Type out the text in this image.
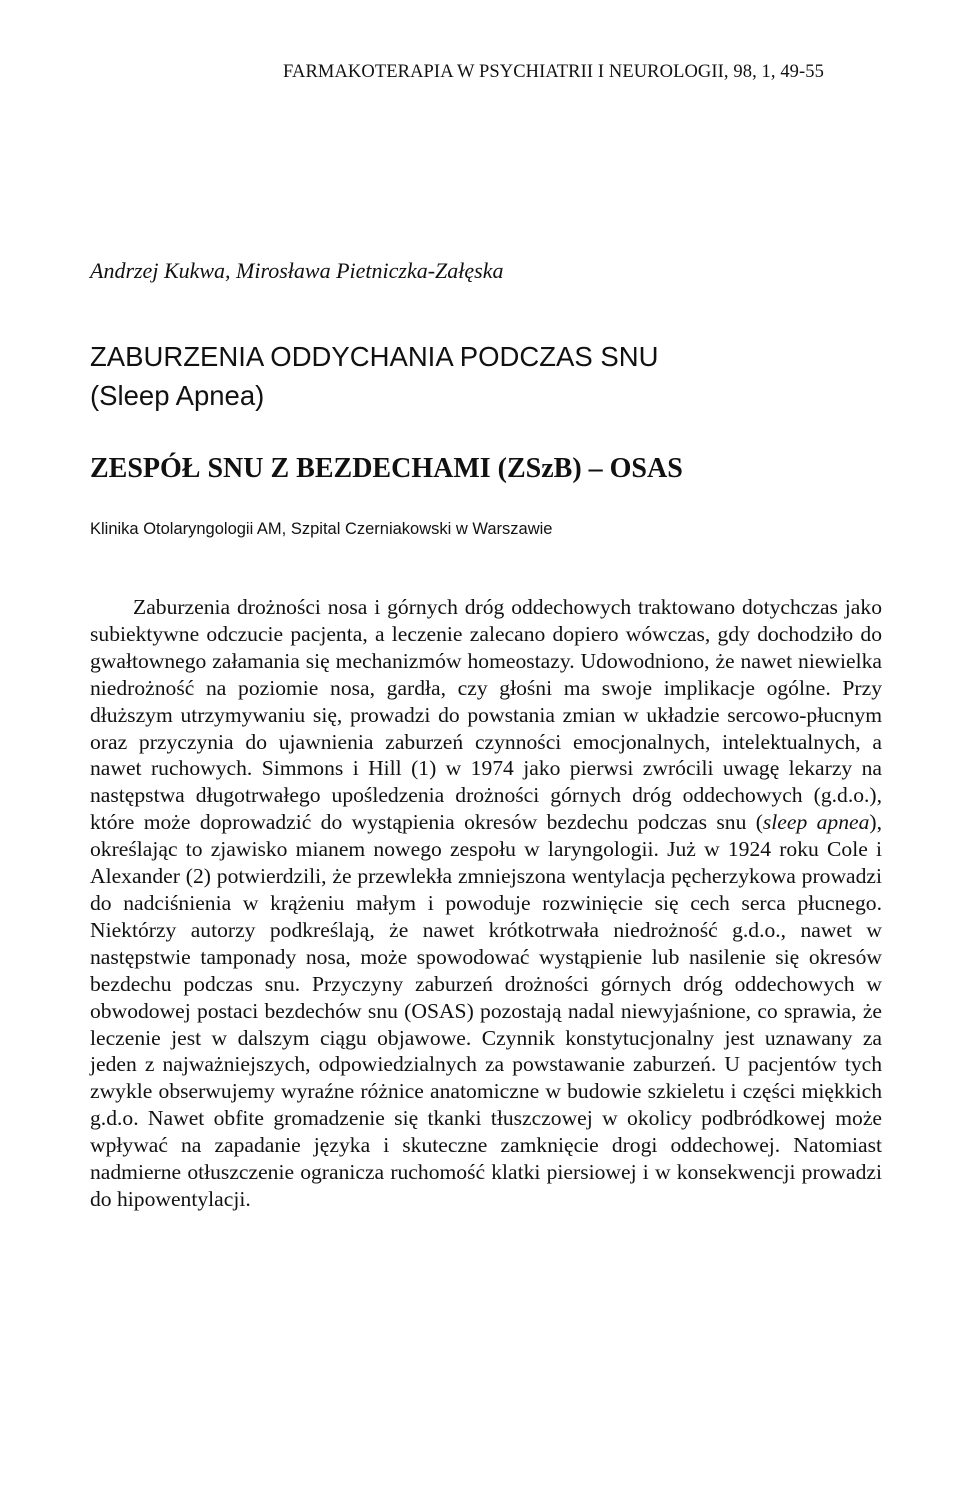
FARMAKOTERAPIA W PSYCHIATRII I NEUROLOGII, 98, 1, 49-55
Andrzej Kukwa, Mirosława Pietniczka-Załęska
ZABURZENIA ODDYCHANIA PODCZAS SNU
(Sleep Apnea)
ZESPÓŁ SNU Z BEZDECHAMI (ZSzB) – OSAS
Klinika Otolaryngologii AM, Szpital Czerniakowski w Warszawie

Zaburzenia drożności nosa i górnych dróg oddechowych traktowano dotychczas jako subiektywne odczucie pacjenta, a leczenie zalecano dopiero wówczas, gdy dochodziło do gwałtownego załamania się mechanizmów homeostazy. Udowodniono, że nawet niewielka niedrożność na poziomie nosa, gardła, czy głośni ma swoje implikacje ogólne. Przy dłuższym utrzymywaniu się, prowadzi do powstania zmian w układzie sercowo-płucnym oraz przyczynia do ujawnienia zaburzeń czynności emocjonalnych, intelektualnych, a nawet ruchowych. Simmons i Hill (1) w 1974 jako pierwsi zwrócili uwagę lekarzy na następstwa długotrwałego upośledzenia drożności górnych dróg oddechowych (g.d.o.), które może doprowadzić do wystąpienia okresów bezdechu podczas snu (sleep apnea), określając to zjawisko mianem nowego zespołu w laryngologii. Już w 1924 roku Cole i Alexander (2) potwierdzili, że przewlekła zmniejszona wentylacja pęcherzykowa prowadzi do nadciśnienia w krążeniu małym i powoduje rozwinięcie się cech serca płucnego. Niektórzy autorzy podkreślają, że nawet krótkotrwała niedrożność g.d.o., nawet w następstwie tamponady nosa, może spowodować wystąpienie lub nasilenie się okresów bezdechu podczas snu. Przyczyny zaburzeń drożności górnych dróg oddechowych w obwodowej postaci bezdechów snu (OSAS) pozostają nadal niewyjaśnione, co sprawia, że leczenie jest w dalszym ciągu objawowe. Czynnik konstytucjonalny jest uznawany za jeden z najważniejszych, odpowiedzialnych za powstawanie zaburzeń. U pacjentów tych zwykle obserwujemy wyraźne różnice anatomiczne w budowie szkieletu i części miękkich g.d.o. Nawet obfite gromadzenie się tkanki tłuszczowej w okolicy podbródkowej może wpływać na zapadanie języka i skuteczne zamknięcie drogi oddechowej. Natomiast nadmierne otłuszczenie ogranicza ruchomość klatki piersiowej i w konsekwencji prowadzi do hipowentylacji.
